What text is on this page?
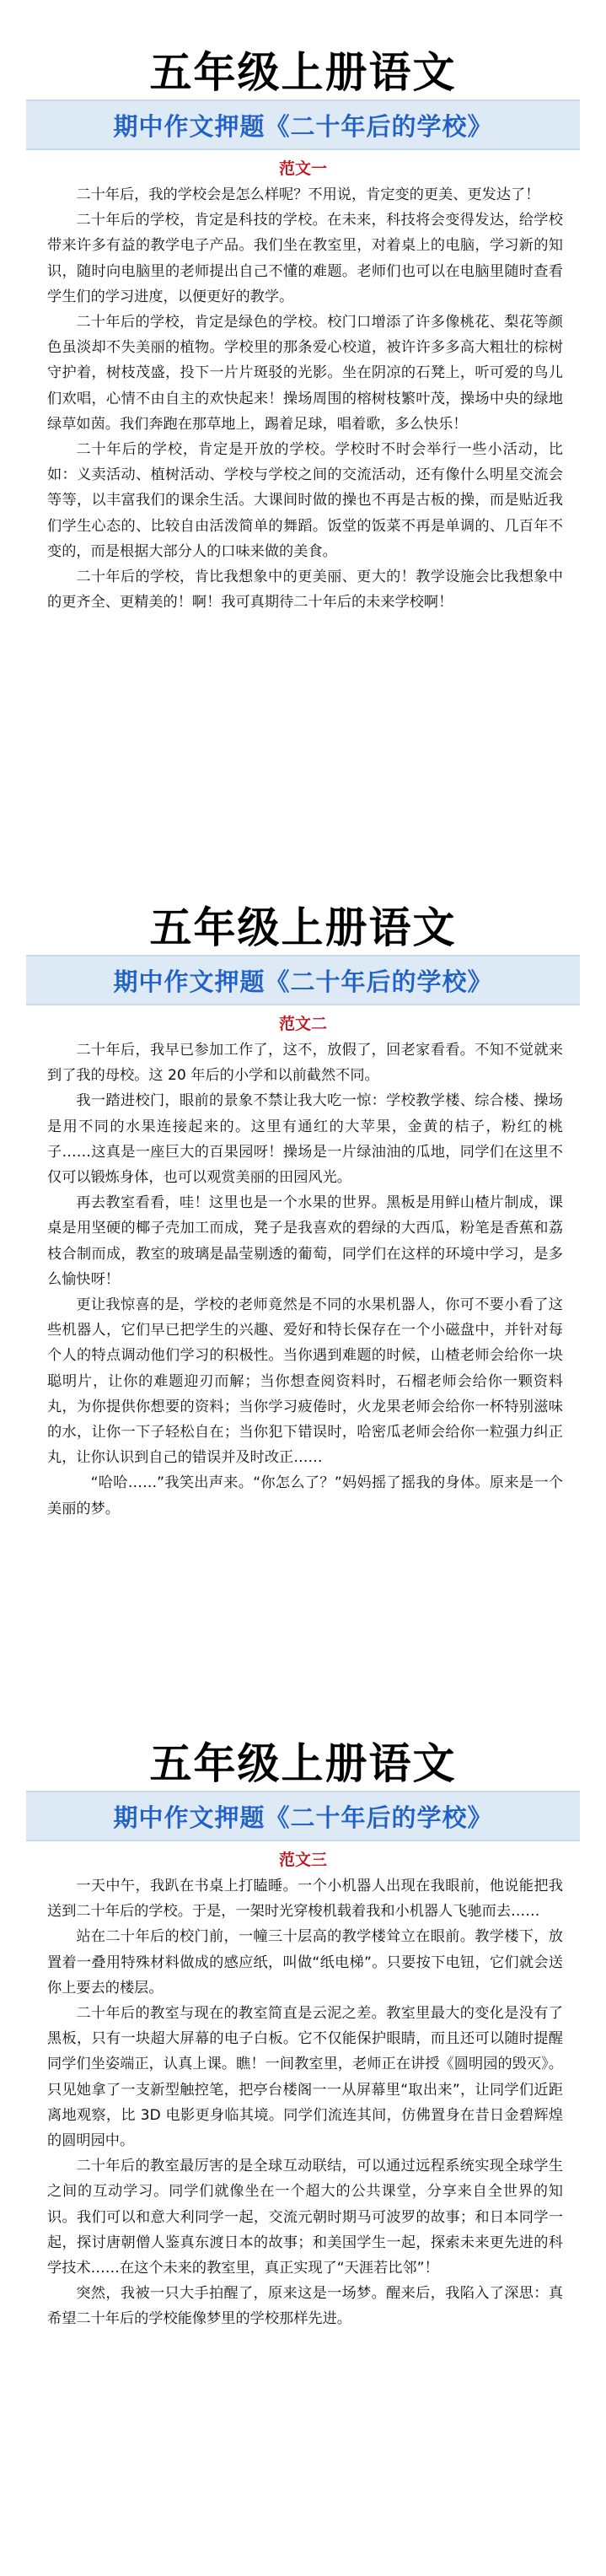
五年级上册语文
期中作文押题《二十年后的学校》
范文一

二十年后，我的学校会是怎么样呢？不用说，肯定变的更美、更发达了！

二十年后的学校，肯定是科技的学校。在未来，科技将会变得发达，给学校带来许多有益的教学电子产品。我们坐在教室里，对着桌上的电脑，学习新的知识，随时向电脑里的老师提出自己不懂的难题。老师们也可以在电脑里随时查看学生们的学习进度，以便更好的教学。

二十年后的学校，肯定是绿色的学校。校门口增添了许多像桃花、梨花等颜色虽淡却不失美丽的植物。学校里的那条爱心校道，被许许多多高大粗壮的棕树守护着，树枝茂盛，投下一片片斑驳的光影。坐在阴凉的石凳上，听可爱的鸟儿们欢唱，心情不由自主的欢快起来！操场周围的榕树枝繁叶茂，操场中央的绿地绿草如茵。我们奔跑在那草地上，踢着足球，唱着歌，多么快乐！

二十年后的学校，肯定是开放的学校。学校时不时会举行一些小活动，比如：义卖活动、植树活动、学校与学校之间的交流活动，还有像什么明星交流会等等，以丰富我们的课余生活。大课间时做的操也不再是古板的操，而是贴近我们学生心态的、比较自由活泼简单的舞蹈。饭堂的饭菜不再是单调的、几百年不变的，而是根据大部分人的口味来做的美食。

二十年后的学校，肯比我想象中的更美丽、更大的！教学设施会比我想象中的更齐全、更精美的！啊！我可真期待二十年后的未来学校啊！

五年级上册语文
期中作文押题《二十年后的学校》
范文二

二十年后，我早已参加工作了，这不，放假了，回老家看看。不知不觉就来到了我的母校。这 20 年后的小学和以前截然不同。

我一踏进校门，眼前的景象不禁让我大吃一惊：学校教学楼、综合楼、操场是用不同的水果连接起来的。这里有通红的大苹果，金黄的桔子，粉红的桃子……这真是一座巨大的百果园呀！操场是一片绿油油的瓜地，同学们在这里不仅可以锻炼身体，也可以观赏美丽的田园风光。

再去教室看看，哇！这里也是一个水果的世界。黑板是用鲜山楂片制成，课桌是用坚硬的椰子壳加工而成，凳子是我喜欢的碧绿的大西瓜，粉笔是香蕉和荔枝合制而成，教室的玻璃是晶莹剔透的葡萄，同学们在这样的环境中学习，是多么愉快呀！

更让我惊喜的是，学校的老师竟然是不同的水果机器人，你可不要小看了这些机器人，它们早已把学生的兴趣、爱好和特长保存在一个小磁盘中，并针对每个人的特点调动他们学习的积极性。当你遇到难题的时候，山楂老师会给你一块聪明片，让你的难题迎刃而解；当你想查阅资料时，石榴老师会给你一颗资料丸，为你提供你想要的资料；当你学习疲倦时，火龙果老师会给你一杯特别滋味的水，让你一下子轻松自在；当你犯下错误时，哈密瓜老师会给你一粒强力纠正丸，让你认识到自己的错误并及时改正……

“哈哈……”我笑出声来。“你怎么了？”妈妈摇了摇我的身体。原来是一个美丽的梦。

五年级上册语文
期中作文押题《二十年后的学校》
范文三

一天中午，我趴在书桌上打瞌睡。一个小机器人出现在我眼前，他说能把我送到二十年后的学校。于是，一架时光穿梭机载着我和小机器人飞驰而去……

站在二十年后的校门前，一幢三十层高的教学楼耸立在眼前。教学楼下，放置着一叠用特殊材料做成的感应纸，叫做“纸电梯”。只要按下电钮，它们就会送你上要去的楼层。

二十年后的教室与现在的教室简直是云泥之差。教室里最大的变化是没有了黑板，只有一块超大屏幕的电子白板。它不仅能保护眼睛，而且还可以随时提醒同学们坐姿端正，认真上课。瞧！一间教室里，老师正在讲授《圆明园的毁灭》。只见她拿了一支新型触控笔，把亭台楼阁一一从屏幕里“取出来”，让同学们近距离地观察，比 3D 电影更身临其境。同学们流连其间，仿佛置身在昔日金碧辉煌的圆明园中。

二十年后的教室最厉害的是全球互动联结，可以通过远程系统实现全球学生之间的互动学习。同学们就像坐在一个超大的公共课堂，分享来自全世界的知识。我们可以和意大利同学一起，交流元朝时期马可波罗的故事；和日本同学一起，探讨唐朝僧人鉴真东渡日本的故事；和美国学生一起，探索未来更先进的科学技术……在这个未来的教室里，真正实现了“天涯若比邻”！

突然，我被一只大手拍醒了，原来这是一场梦。醒来后，我陷入了深思：真希望二十年后的学校能像梦里的学校那样先进。
